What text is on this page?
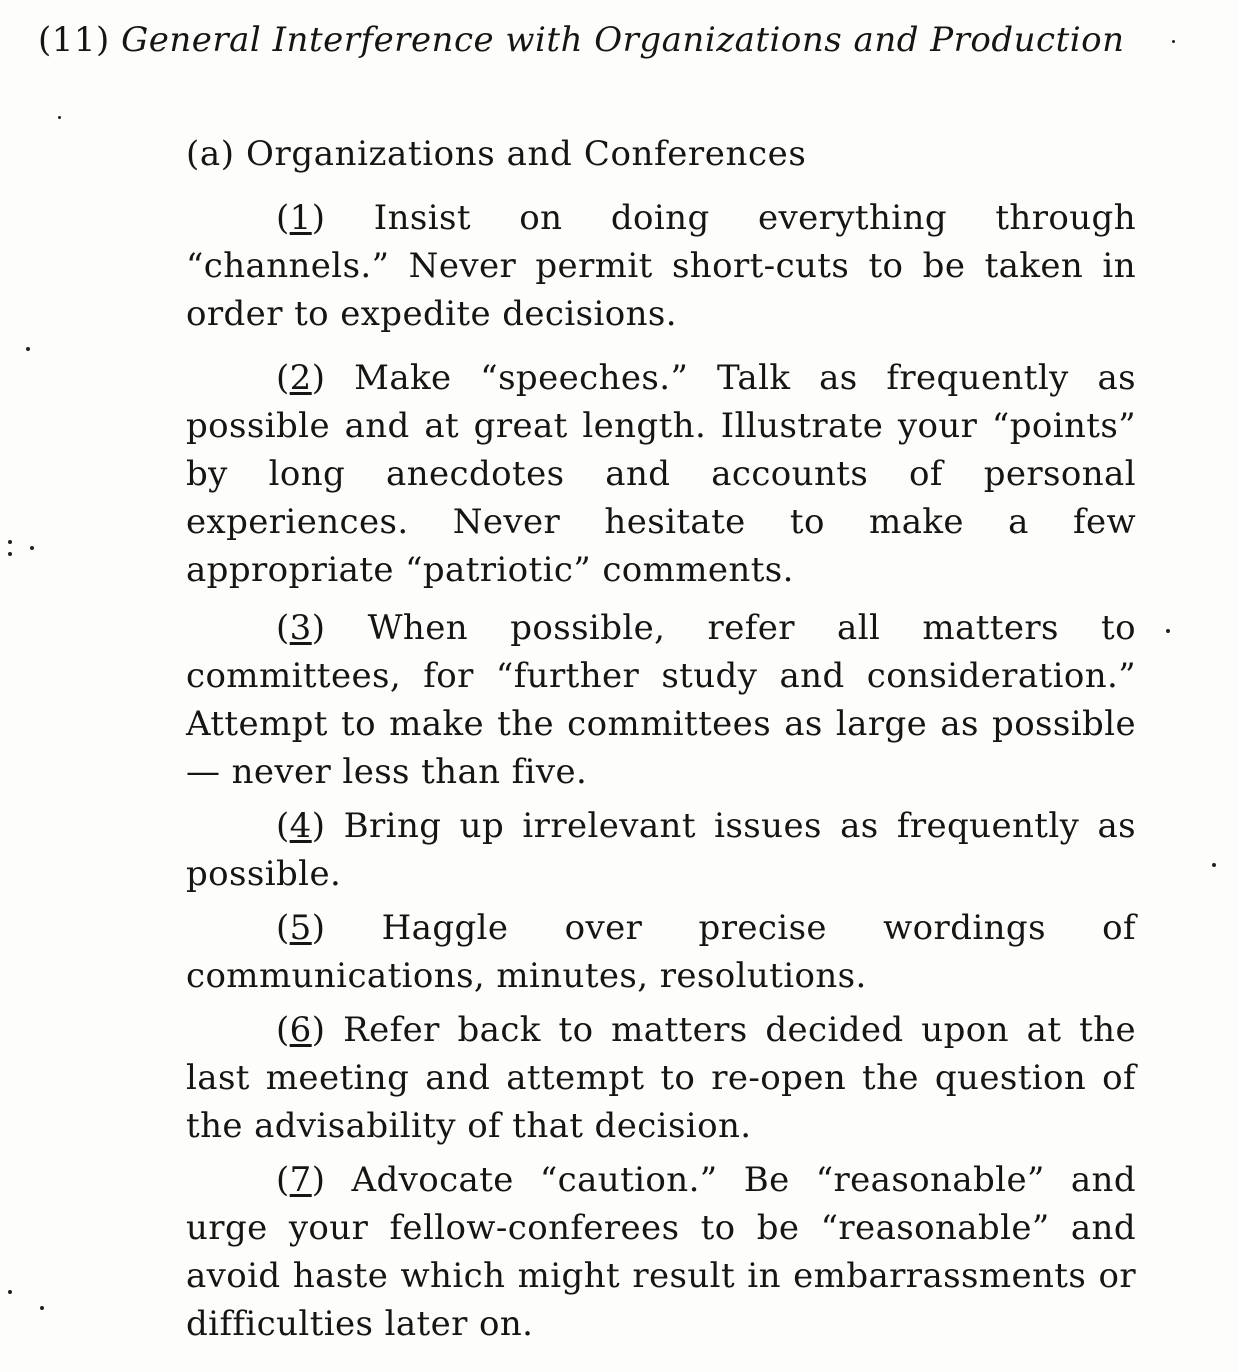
(11) General Interference with Organizations and Production
(a) Organizations and Conferences
(1) Insist on doing everything through “channels.” Never permit short-cuts to be taken in order to expedite decisions.
(2) Make “speeches.” Talk as frequently as possible and at great length. Illustrate your “points” by long anecdotes and accounts of personal experiences. Never hesitate to make a few appropriate “patriotic” comments.
(3) When possible, refer all matters to committees, for “further study and consideration.” Attempt to make the committees as large as possible — never less than five.
(4) Bring up irrelevant issues as frequently as possible.
(5) Haggle over precise wordings of communications, minutes, resolutions.
(6) Refer back to matters decided upon at the last meeting and attempt to re-open the question of the advisability of that decision.
(7) Advocate “caution.” Be “reasonable” and urge your fellow-conferees to be “reasonable” and avoid haste which might result in embarrassments or difficulties later on.
